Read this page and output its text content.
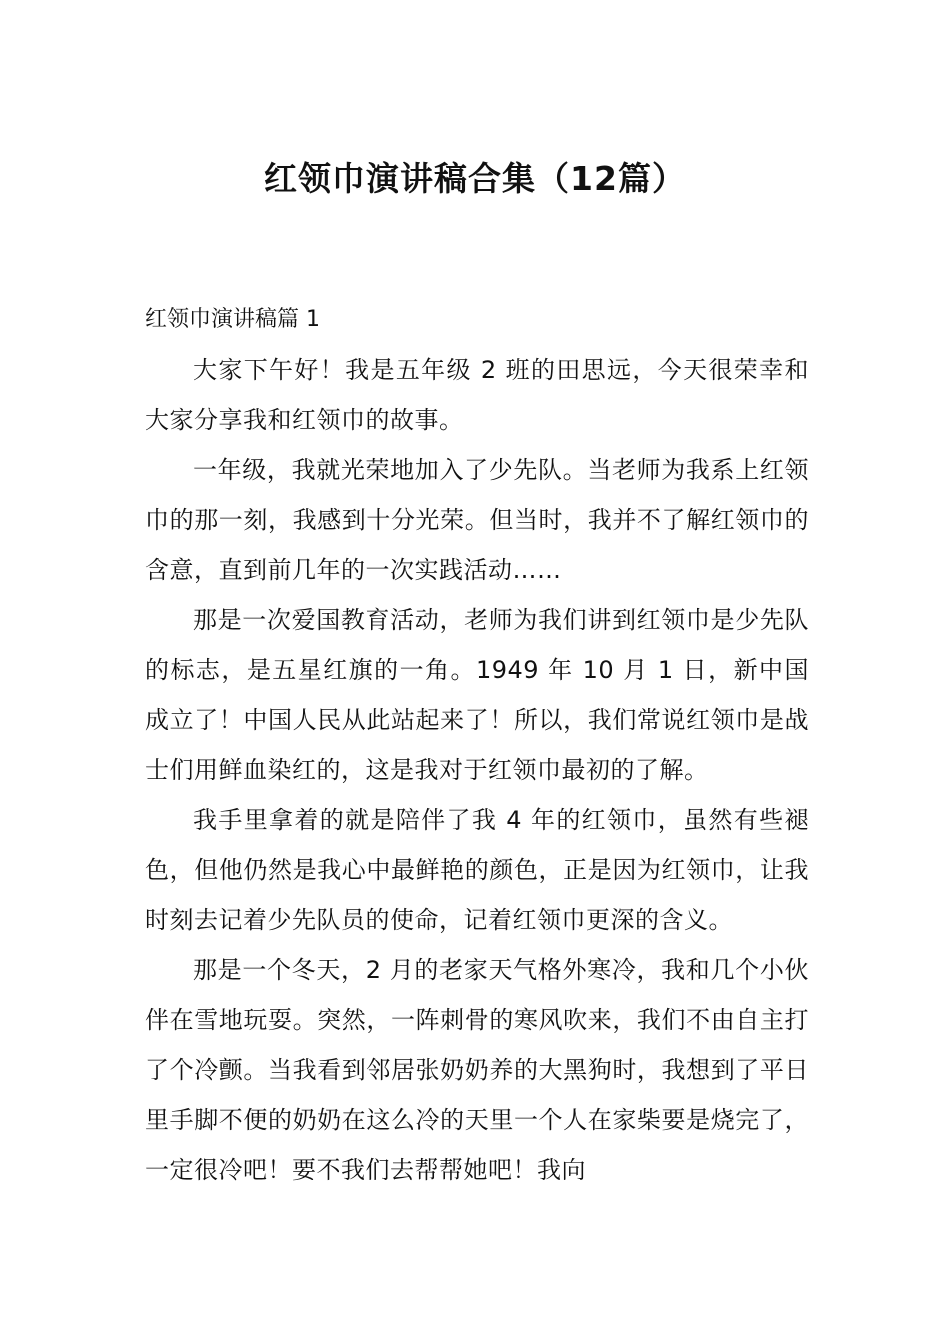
红领巾演讲稿合集（12篇）

红领巾演讲稿篇 1

大家下午好！我是五年级 2 班的田思远，今天很荣幸和大家分享我和红领巾的故事。

一年级，我就光荣地加入了少先队。当老师为我系上红领巾的那一刻，我感到十分光荣。但当时，我并不了解红领巾的含意，直到前几年的一次实践活动……

那是一次爱国教育活动，老师为我们讲到红领巾是少先队的标志，是五星红旗的一角。1949 年 10 月 1 日，新中国成立了！中国人民从此站起来了！所以，我们常说红领巾是战士们用鲜血染红的，这是我对于红领巾最初的了解。

我手里拿着的就是陪伴了我 4 年的红领巾，虽然有些褪色，但他仍然是我心中最鲜艳的颜色，正是因为红领巾，让我时刻去记着少先队员的使命，记着红领巾更深的含义。

那是一个冬天，2 月的老家天气格外寒冷，我和几个小伙伴在雪地玩耍。突然，一阵刺骨的寒风吹来，我们不由自主打了个冷颤。当我看到邻居张奶奶养的大黑狗时，我想到了平日里手脚不便的奶奶在这么冷的天里一个人在家柴要是烧完了，一定很冷吧！要不我们去帮帮她吧！我向
